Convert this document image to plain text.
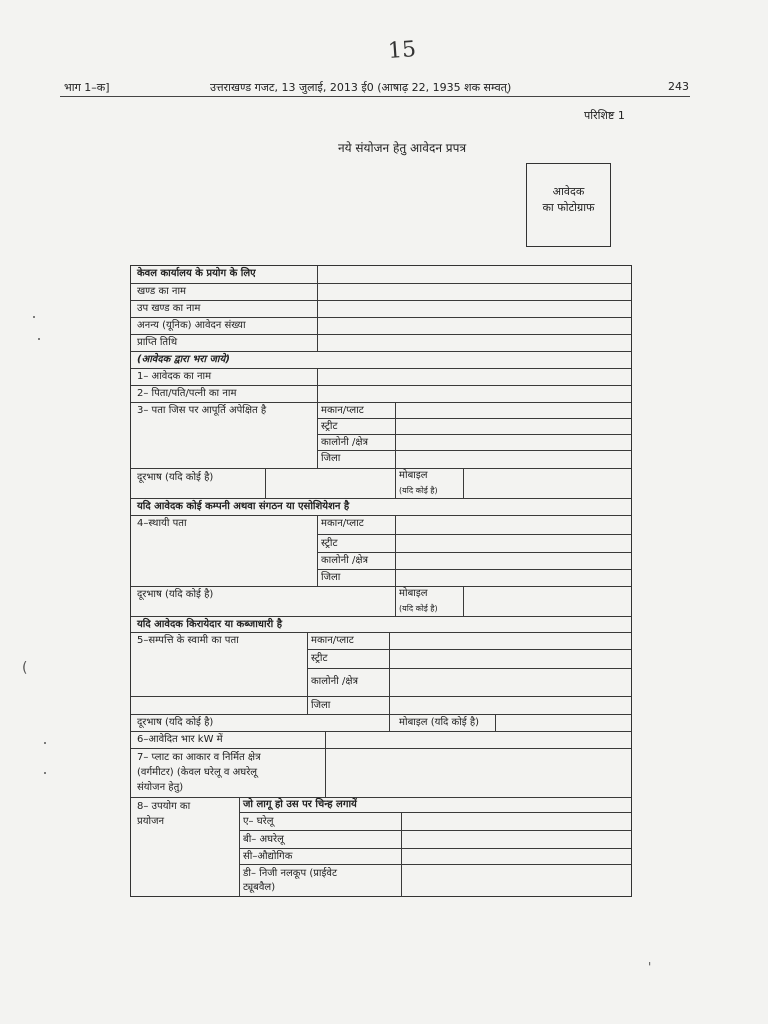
15
भाग 1–क]	उत्तराखण्ड गजट, 13 जुलाई, 2013 ई0 (आषाढ़ 22, 1935 शक सम्वत्)	243
परिशिष्ट 1
नये संयोजन हेतु आवेदन प्रपत्र
आवेदक
का फोटोग्राफ
(
'
केवल कार्यालय के प्रयोग के लिए
खण्ड का नाम
उप खण्ड का नाम
अनन्य (यूनिक) आवेदन संख्या
प्राप्ति तिथि
(आवेदक द्वारा भरा जाये)
1– आवेदक का नाम
2– पिता/पति/पत्नी का नाम
3– पता जिस पर आपूर्ति अपेक्षित है	मकान/प्लाट
स्ट्रीट
कालोनी /क्षेत्र
जिला
दूरभाष (यदि कोई है)	मोबाइल
(यदि कोई है)
यदि आवेदक कोई कम्पनी अथवा संगठन या एसोशियेशन है
4–स्थायी पता	मकान/प्लाट
स्ट्रीट
कालोनी /क्षेत्र
जिला
दूरभाष (यदि कोई है)	मोबाइल
(यदि कोई है)
यदि आवेदक किरायेदार या कब्जाधारी है
5–सम्पत्ति के स्वामी का पता	मकान/प्लाट
स्ट्रीट
कालोनी /क्षेत्र
जिला
दूरभाष (यदि कोई है)	मोबाइल (यदि कोई है)
6–आवेदित भार kW में
7– प्लाट का आकार व निर्मित क्षेत्र
(वर्गमीटर) (केवल घरेलू व अघरेलू
संयोजन हेतु)
8– उपयोग का
प्रयोजन
जो लागू हो उस पर चिन्ह लगायें
ए– घरेलू
बी– अघरेलू
सी–औद्योगिक
डी– निजी नलकूप (प्राईवेट
ट्यूबवैल)
